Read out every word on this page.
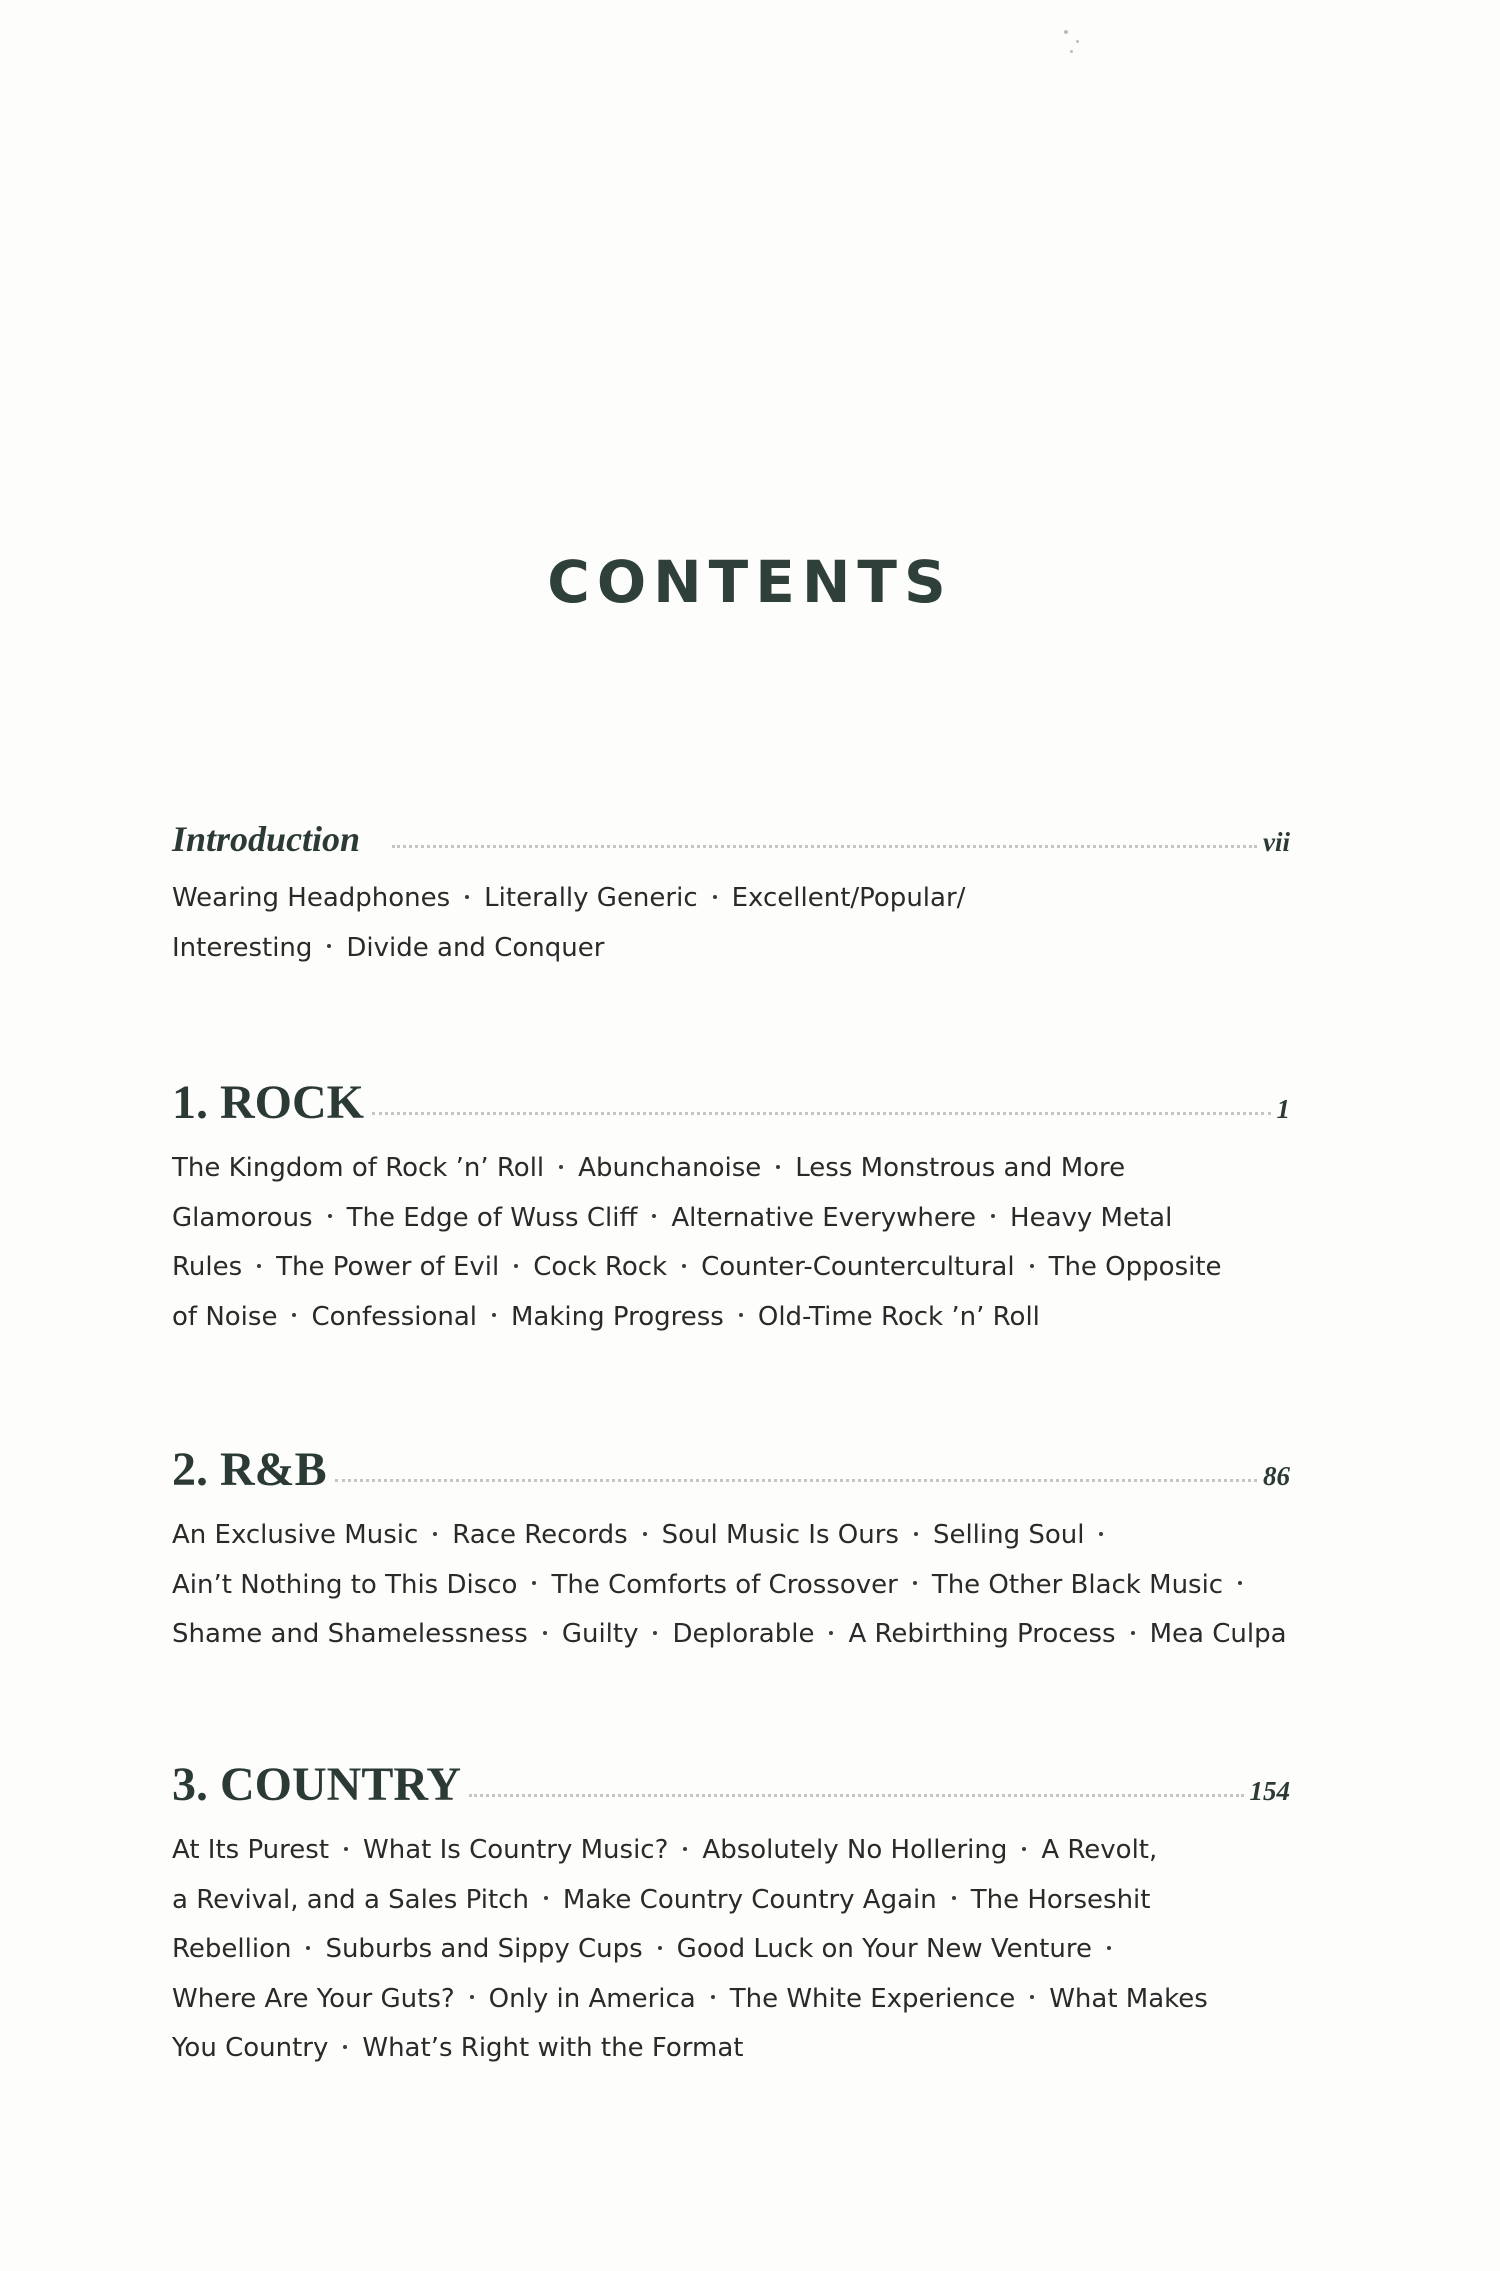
CONTENTS
Introduction	vii
Wearing Headphones Literally Generic Excellent/Popular/
Interesting Divide and Conquer
1. ROCK	1
The Kingdom of Rock ’n’ Roll Abunchanoise Less Monstrous and More
Glamorous The Edge of Wuss Cliff Alternative Everywhere Heavy Metal
Rules The Power of Evil Cock Rock Counter-Countercultural The Opposite
of Noise Confessional Making Progress Old-Time Rock ’n’ Roll
2. R&B	86
An Exclusive Music Race Records Soul Music Is Ours Selling Soul
Ain’t Nothing to This Disco The Comforts of Crossover The Other Black Music
Shame and Shamelessness Guilty Deplorable A Rebirthing Process Mea Culpa
3. COUNTRY	154
At Its Purest What Is Country Music? Absolutely No Hollering A Revolt,
a Revival, and a Sales Pitch Make Country Country Again The Horseshit
Rebellion Suburbs and Sippy Cups Good Luck on Your New Venture
Where Are Your Guts? Only in America The White Experience What Makes
You Country What’s Right with the Format
